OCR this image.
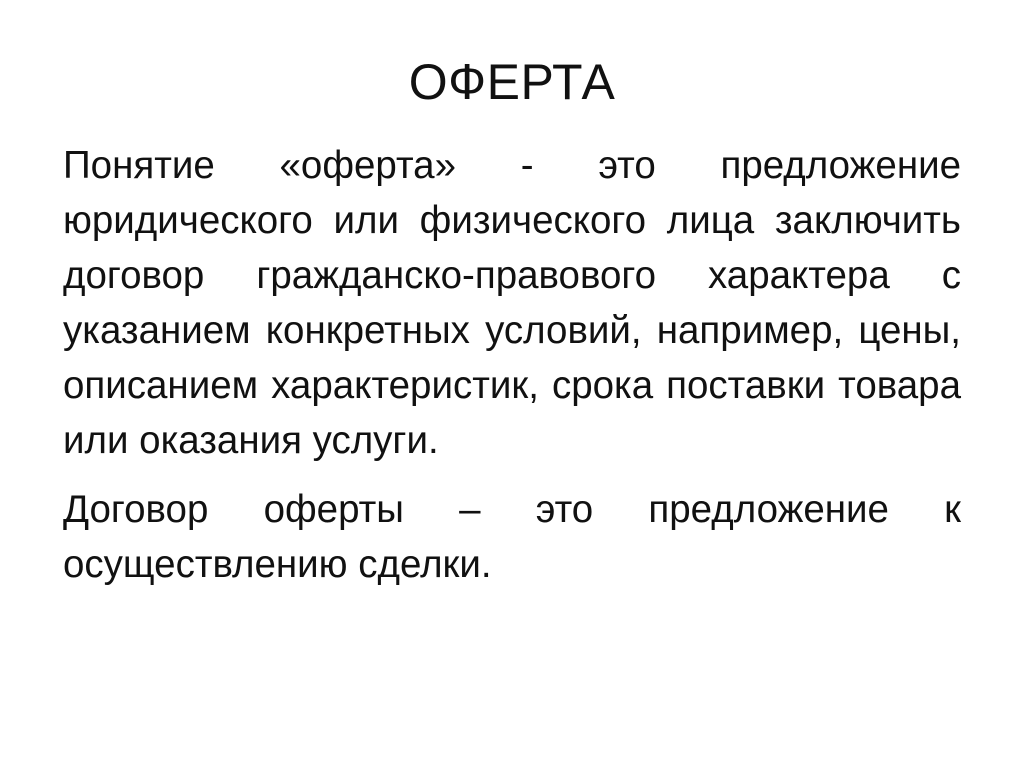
ОФЕРТА

Понятие «оферта» - это предложение юридического или физического лица заключить договор гражданско-правового характера с указанием конкретных условий, например, цены, описанием характеристик, срока поставки товара или оказания услуги.

Договор оферты – это предложение к осуществлению сделки.
